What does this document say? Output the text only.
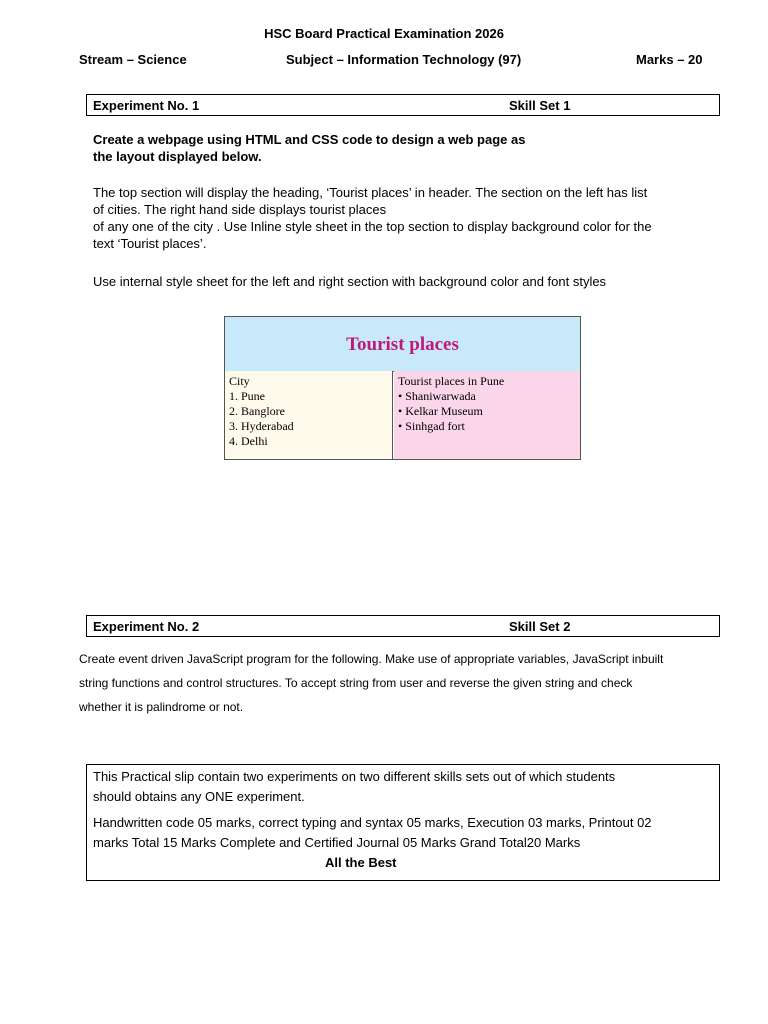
HSC Board Practical Examination 2026
Stream – Science	Subject – Information Technology (97)	Marks – 20
Experiment No. 1	Skill Set 1
Create a webpage using HTML and CSS code to design a web page as
the layout displayed below.
The top section will display the heading, ‘Tourist places’ in header. The section on the left has list
of cities. The right hand side displays tourist places
of any one of the city . Use Inline style sheet in the top section to display background color for the
text ‘Tourist places’.
Use internal style sheet for the left and right section with background color and font styles
Tourist places
City
1. Pune
2. Banglore
3. Hyderabad
4. Delhi
Tourist places in Pune
• Shaniwarwada
• Kelkar Museum
• Sinhgad fort
Experiment No. 2	Skill Set 2
Create event driven JavaScript program for the following. Make use of appropriate variables, JavaScript inbuilt
string functions and control structures. To accept string from user and reverse the given string and check
whether it is palindrome or not.
This Practical slip contain two experiments on two different skills sets out of which students
should obtains any ONE experiment.
Handwritten code 05 marks, correct typing and syntax 05 marks, Execution 03 marks, Printout 02
marks Total 15 Marks Complete and Certified Journal 05 Marks Grand Total20 Marks
All the Best
